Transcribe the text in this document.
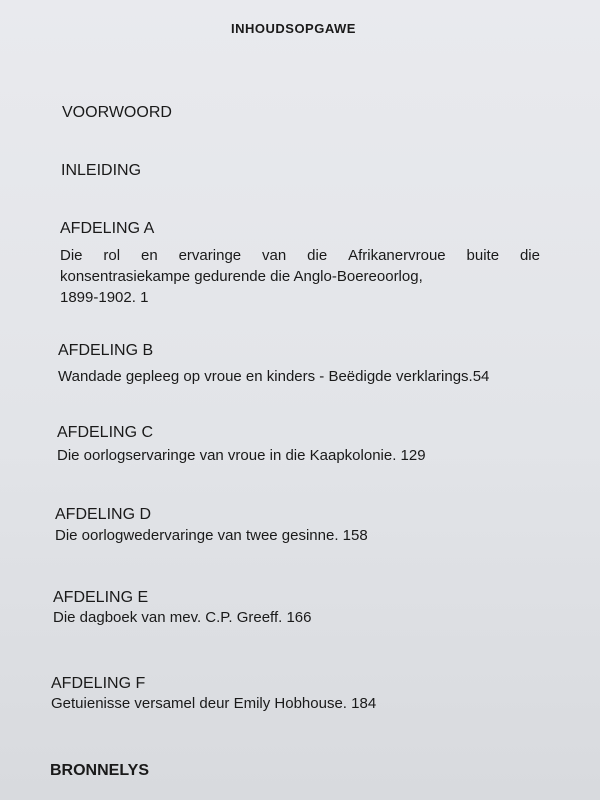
INHOUDSOPGAWE
VOORWOORD
INLEIDING
AFDELING A
Die rol en ervaringe van die Afrikanervroue buite die
konsentrasiekampe gedurende die Anglo-Boereoorlog,
1899-1902. 1
AFDELING B
Wandade gepleeg op vroue en kinders - Beëdigde verklarings.54
AFDELING C
Die oorlogservaringe van vroue in die Kaapkolonie. 129
AFDELING D
Die oorlogwedervaringe van twee gesinne. 158
AFDELING E
Die dagboek van mev. C.P. Greeff. 166
AFDELING F
Getuienisse versamel deur Emily Hobhouse. 184
BRONNELYS
